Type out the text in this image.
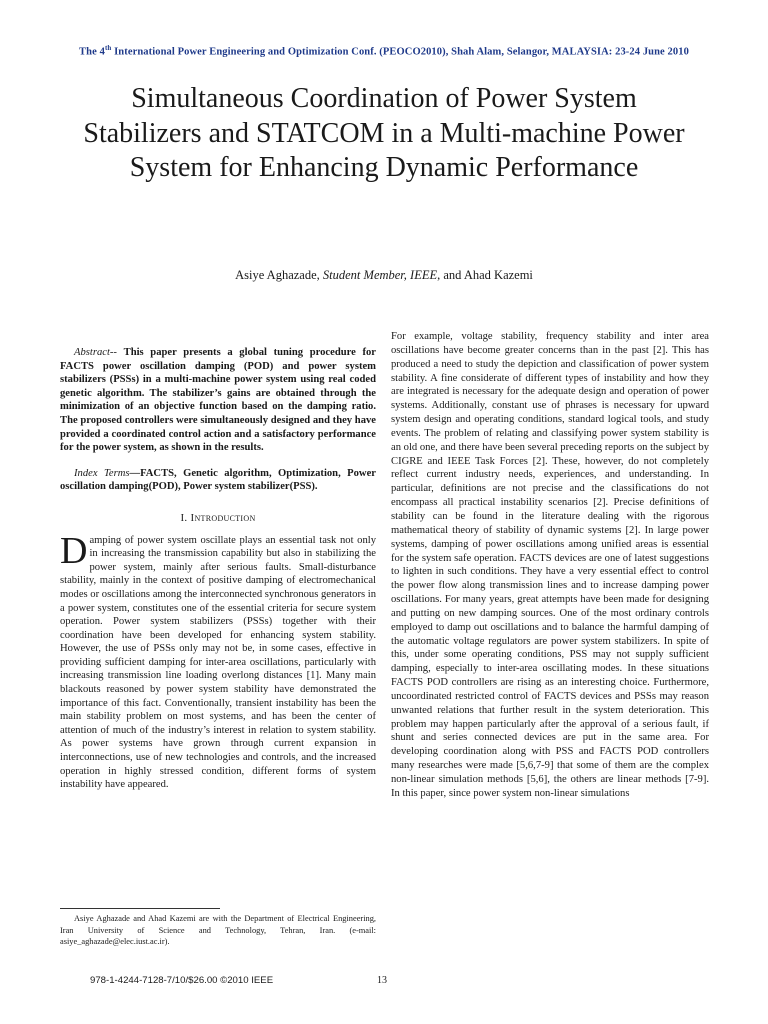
The 4th International Power Engineering and Optimization Conf. (PEOCO2010), Shah Alam, Selangor, MALAYSIA: 23-24 June 2010
Simultaneous Coordination of Power System Stabilizers and STATCOM in a Multi-machine Power System for Enhancing Dynamic Performance
Asiye Aghazade, Student Member, IEEE, and Ahad Kazemi

Abstract-- This paper presents a global tuning procedure for FACTS power oscillation damping (POD) and power system stabilizers (PSSs) in a multi-machine power system using real coded genetic algorithm. The stabilizer’s gains are obtained through the minimization of an objective function based on the damping ratio. The proposed controllers were simultaneously designed and they have provided a coordinated control action and a satisfactory performance for the power system, as shown in the results.

Index Terms—FACTS, Genetic algorithm, Optimization, Power oscillation damping(POD), Power system stabilizer(PSS).

I. Introduction

Damping of power system oscillate plays an essential task not only in increasing the transmission capability but also in stabilizing the power system, mainly after serious faults. Small-disturbance stability, mainly in the context of positive damping of electromechanical modes or oscillations among the interconnected synchronous generators in a power system, constitutes one of the essential criteria for secure system operation. Power system stabilizers (PSSs) together with their coordination have been developed for enhancing system stability. However, the use of PSSs only may not be, in some cases, effective in providing sufficient damping for inter-area oscillations, particularly with increasing transmission line loading overlong distances [1]. Many main blackouts reasoned by power system stability have demonstrated the importance of this fact. Conventionally, transient instability has been the main stability problem on most systems, and has been the center of attention of much of the industry’s interest in relation to system stability. As power systems have grown through current expansion in interconnections, use of new technologies and controls, and the increased operation in highly stressed condition, different forms of system instability have appeared.

For example, voltage stability, frequency stability and inter area oscillations have become greater concerns than in the past [2]. This has produced a need to study the depiction and classification of power system stability. A fine considerate of different types of instability and how they are integrated is necessary for the adequate design and operation of power systems. Additionally, constant use of phrases is necessary for upward system design and operating conditions, standard logical tools, and study events. The problem of relating and classifying power system stability is an old one, and there have been several preceding reports on the subject by CIGRE and IEEE Task Forces [2]. These, however, do not completely reflect current industry needs, experiences, and understanding. In particular, definitions are not precise and the classifications do not encompass all practical instability scenarios [2]. Precise definitions of stability can be found in the literature dealing with the rigorous mathematical theory of stability of dynamic systems [2]. In large power systems, damping of power oscillations among unified areas is essential for the system safe operation. FACTS devices are one of latest suggestions to lighten in such conditions. They have a very essential effect to control the power flow along transmission lines and to increase damping power oscillations. For many years, great attempts have been made for designing and putting on new damping sources. One of the most ordinary controls employed to damp out oscillations and to balance the harmful damping of the automatic voltage regulators are power system stabilizers. In spite of this, under some operating conditions, PSS may not supply sufficient damping, especially to inter-area oscillating modes. In these situations FACTS POD controllers are rising as an interesting choice. Furthermore, uncoordinated restricted control of FACTS devices and PSSs may reason unwanted relations that further result in the system deterioration. This problem may happen particularly after the approval of a serious fault, if shunt and series connected devices are put in the same area. For developing coordination along with PSS and FACTS POD controllers many researches were made [5,6,7-9] that some of them are the complex non-linear simulation methods [5,6], the others are linear methods [7-9]. In this paper, since power system non-linear simulations

Asiye Aghazade and Ahad Kazemi are with the Department of Electrical Engineering, Iran University of Science and Technology, Tehran, Iran. (e-mail: asiye_aghazade@elec.iust.ac.ir).
978-1-4244-7128-7/10/$26.00 ©2010 IEEE	13
